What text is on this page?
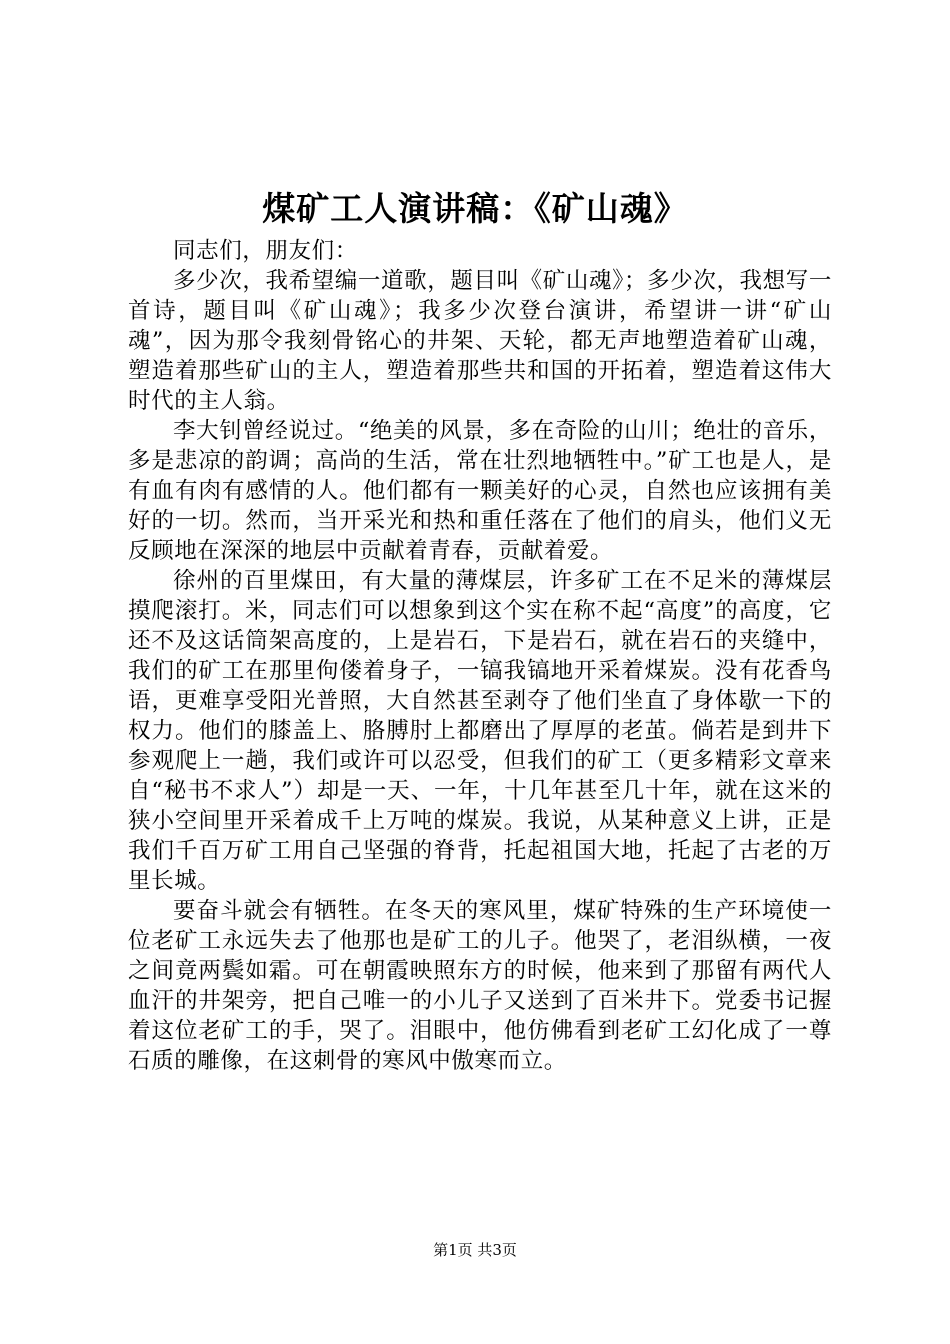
煤矿工人演讲稿：《矿山魂》

同志们，朋友们：

多少次，我希望编一道歌，题目叫《矿山魂》；多少次，我想写一首诗，题目叫《矿山魂》；我多少次登台演讲，希望讲一讲“矿山魂”，因为那令我刻骨铭心的井架、天轮，都无声地塑造着矿山魂，塑造着那些矿山的主人，塑造着那些共和国的开拓着，塑造着这伟大时代的主人翁。

李大钊曾经说过。“绝美的风景，多在奇险的山川；绝壮的音乐，多是悲凉的韵调；高尚的生活，常在壮烈地牺牲中。”矿工也是人，是有血有肉有感情的人。他们都有一颗美好的心灵，自然也应该拥有美好的一切。然而，当开采光和热和重任落在了他们的肩头，他们义无反顾地在深深的地层中贡献着青春，贡献着爱。

徐州的百里煤田，有大量的薄煤层，许多矿工在不足米的薄煤层摸爬滚打。米，同志们可以想象到这个实在称不起“高度”的高度，它还不及这话筒架高度的，上是岩石，下是岩石，就在岩石的夹缝中，我们的矿工在那里佝偻着身子，一镐我镐地开采着煤炭。没有花香鸟语，更难享受阳光普照，大自然甚至剥夺了他们坐直了身体歇一下的权力。他们的膝盖上、胳膊肘上都磨出了厚厚的老茧。倘若是到井下参观爬上一趟，我们或许可以忍受，但我们的矿工（更多精彩文章来自“秘书不求人”）却是一天、一年，十几年甚至几十年，就在这米的狭小空间里开采着成千上万吨的煤炭。我说，从某种意义上讲，正是我们千百万矿工用自己坚强的脊背，托起祖国大地，托起了古老的万里长城。

要奋斗就会有牺牲。在冬天的寒风里，煤矿特殊的生产环境使一位老矿工永远失去了他那也是矿工的儿子。他哭了，老泪纵横，一夜之间竟两鬓如霜。可在朝霞映照东方的时候，他来到了那留有两代人血汗的井架旁，把自己唯一的小儿子又送到了百米井下。党委书记握着这位老矿工的手，哭了。泪眼中，他仿佛看到老矿工幻化成了一尊石质的雕像，在这刺骨的寒风中傲寒而立。

第1页 共3页
